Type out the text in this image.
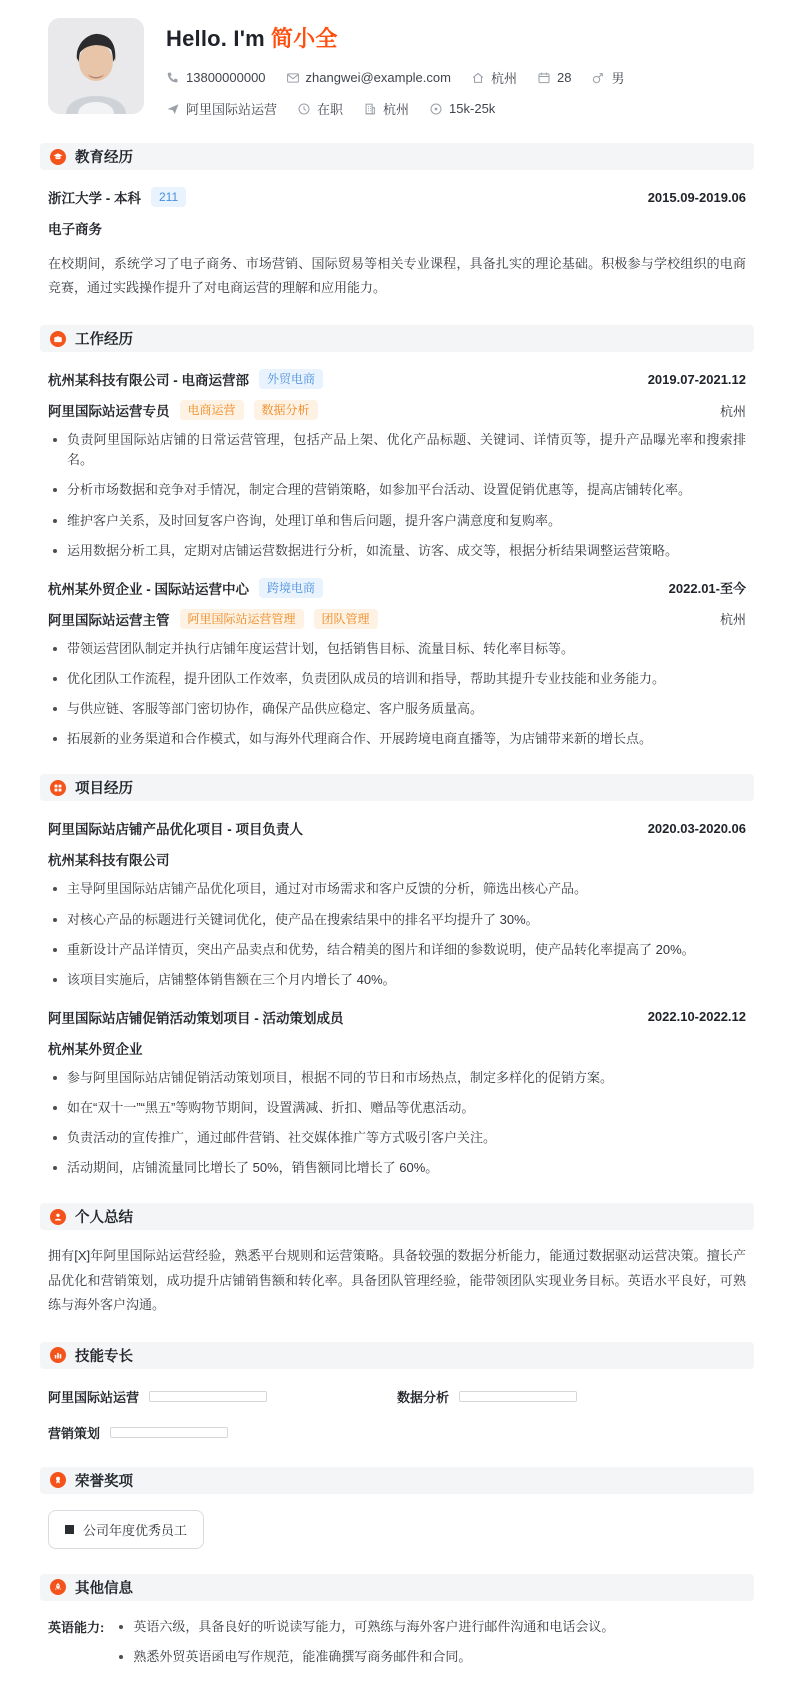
Hello. I'm 简小全
13800000000	zhangwei@example.com	杭州	28	男
阿里国际站运营	在职	杭州	15k-25k
教育经历
浙江大学 - 本科	211	2015.09-2019.06
电子商务
在校期间，系统学习了电子商务、市场营销、国际贸易等相关专业课程，具备扎实的理论基础。积极参与学校组织的电商竞赛，通过实践操作提升了对电商运营的理解和应用能力。
工作经历
杭州某科技有限公司 - 电商运营部	外贸电商	2019.07-2021.12
阿里国际站运营专员	电商运营	数据分析	杭州
负责阿里国际站店铺的日常运营管理，包括产品上架、优化产品标题、关键词、详情页等，提升产品曝光率和搜索排名。
分析市场数据和竞争对手情况，制定合理的营销策略，如参加平台活动、设置促销优惠等，提高店铺转化率。
维护客户关系，及时回复客户咨询，处理订单和售后问题，提升客户满意度和复购率。
运用数据分析工具，定期对店铺运营数据进行分析，如流量、访客、成交等，根据分析结果调整运营策略。
杭州某外贸企业 - 国际站运营中心	跨境电商	2022.01-至今
阿里国际站运营主管	阿里国际站运营管理	团队管理	杭州
带领运营团队制定并执行店铺年度运营计划，包括销售目标、流量目标、转化率目标等。
优化团队工作流程，提升团队工作效率，负责团队成员的培训和指导，帮助其提升专业技能和业务能力。
与供应链、客服等部门密切协作，确保产品供应稳定、客户服务质量高。
拓展新的业务渠道和合作模式，如与海外代理商合作、开展跨境电商直播等，为店铺带来新的增长点。
项目经历
阿里国际站店铺产品优化项目 - 项目负责人	2020.03-2020.06
杭州某科技有限公司
主导阿里国际站店铺产品优化项目，通过对市场需求和客户反馈的分析，筛选出核心产品。
对核心产品的标题进行关键词优化，使产品在搜索结果中的排名平均提升了 30%。
重新设计产品详情页，突出产品卖点和优势，结合精美的图片和详细的参数说明，使产品转化率提高了 20%。
该项目实施后，店铺整体销售额在三个月内增长了 40%。
阿里国际站店铺促销活动策划项目 - 活动策划成员	2022.10-2022.12
杭州某外贸企业
参与阿里国际站店铺促销活动策划项目，根据不同的节日和市场热点，制定多样化的促销方案。
如在“双十一”“黑五”等购物节期间，设置满减、折扣、赠品等优惠活动。
负责活动的宣传推广，通过邮件营销、社交媒体推广等方式吸引客户关注。
活动期间，店铺流量同比增长了 50%，销售额同比增长了 60%。
个人总结
拥有[X]年阿里国际站运营经验，熟悉平台规则和运营策略。具备较强的数据分析能力，能通过数据驱动运营决策。擅长产品优化和营销策划，成功提升店铺销售额和转化率。具备团队管理经验，能带领团队实现业务目标。英语水平良好，可熟练与海外客户沟通。
技能专长
阿里国际站运营	数据分析
营销策划
荣誉奖项
公司年度优秀员工
其他信息
英语能力:	英语六级，具备良好的听说读写能力，可熟练与海外客户进行邮件沟通和电话会议。
熟悉外贸英语函电写作规范，能准确撰写商务邮件和合同。
